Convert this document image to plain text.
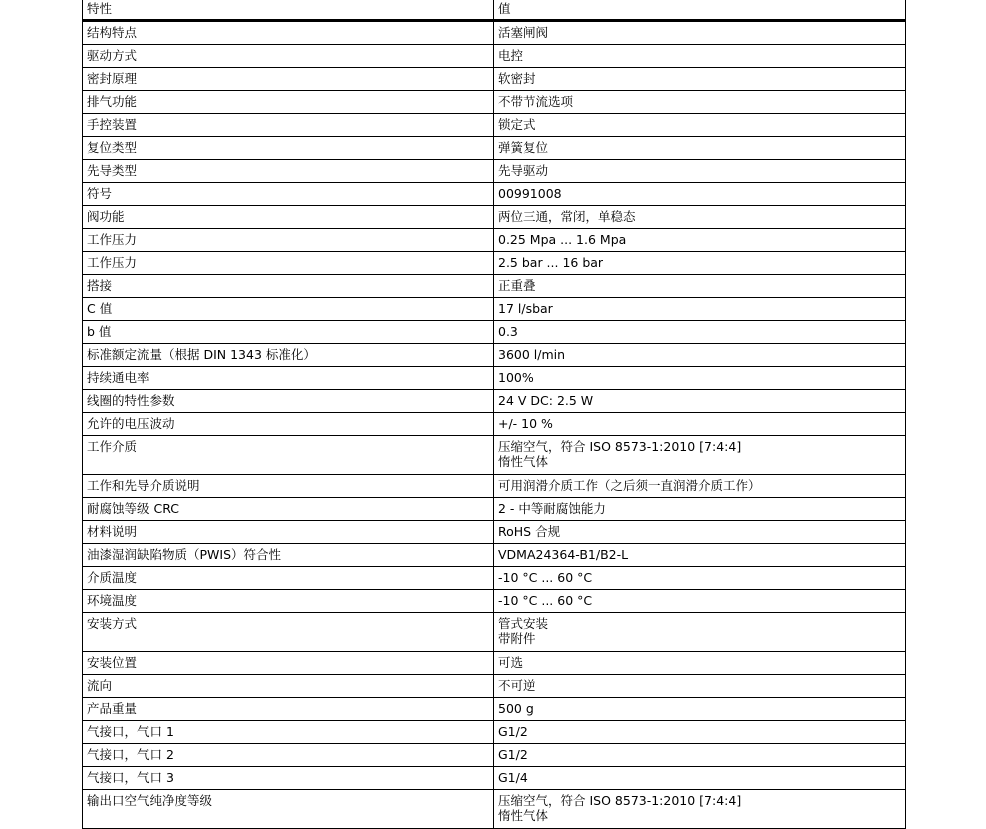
特性	值
结构特点	活塞闸阀

驱动方式	电控

密封原理	软密封

排气功能	不带节流选项

手控装置	锁定式

复位类型	弹簧复位

先导类型	先导驱动

符号	00991008

阀功能	两位三通，常闭，单稳态

工作压力	0.25 Mpa ... 1.6 Mpa

工作压力	2.5 bar ... 16 bar

搭接	正重叠

C 值	17 l/sbar

b 值	0.3

标准额定流量（根据 DIN 1343 标准化）	3600 l/min

持续通电率	100%

线圈的特性参数	24 V DC: 2.5 W

允许的电压波动	+/- 10 %

工作介质	压缩空气，符合 ISO 8573-1:2010 [7:4:4]
惰性气体

工作和先导介质说明	可用润滑介质工作（之后须一直润滑介质工作）

耐腐蚀等级 CRC	2 - 中等耐腐蚀能力

材料说明	RoHS 合规

油漆湿润缺陷物质（PWIS）符合性	VDMA24364-B1/B2-L

介质温度	-10 °C ... 60 °C

环境温度	-10 °C ... 60 °C

安装方式	管式安装
带附件

安装位置	可选

流向	不可逆

产品重量	500 g

气接口，气口 1	G1/2

气接口，气口 2	G1/2

气接口，气口 3	G1/4

输出口空气纯净度等级	压缩空气，符合 ISO 8573-1:2010 [7:4:4]
惰性气体
